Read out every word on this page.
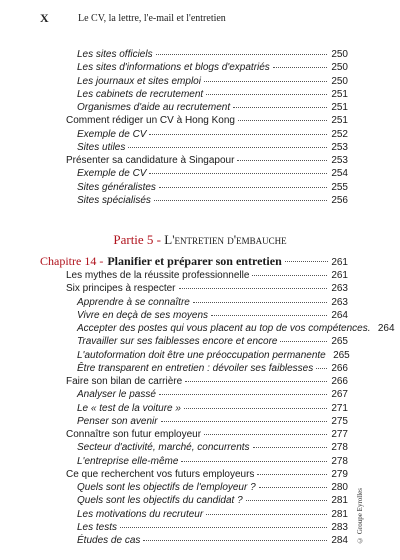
X	Le CV, la lettre, l'e-mail et l'entretien
Les sites officiels	250
Les sites d'informations et blogs d'expatriés	250
Les journaux et sites emploi	250
Les cabinets de recrutement	251
Organismes d'aide au recrutement	251
Comment rédiger un CV à Hong Kong	251
Exemple de CV	252
Sites utiles	253
Présenter sa candidature à Singapour	253
Exemple de CV	254
Sites généralistes	255
Sites spécialisés	256
Partie 5 - L'entretien d'embauche
Chapitre 14 - Planifier et préparer son entretien	261
Les mythes de la réussite professionnelle	261
Six principes à respecter	263
Apprendre à se connaître	263
Vivre en deçà de ses moyens	264
Accepter des postes qui vous placent au top de vos compétences. 264
Travailler sur ses faiblesses encore et encore	265
L'autoformation doit être une préoccupation permanente 265
Être transparent en entretien : dévoiler ses faiblesses 266
Faire son bilan de carrière	266
Analyser le passé	267
Le « test de la voiture »	271
Penser son avenir	275
Connaître son futur employeur	277
Secteur d'activité, marché, concurrents	278
L'entreprise elle-même	278
Ce que recherchent vos futurs employeurs	279
Quels sont les objectifs de l'employeur ?	280
Quels sont les objectifs du candidat ?	281
Les motivations du recruteur	281
Les tests	283
Études de cas	284 © Groupe Eyrolles
